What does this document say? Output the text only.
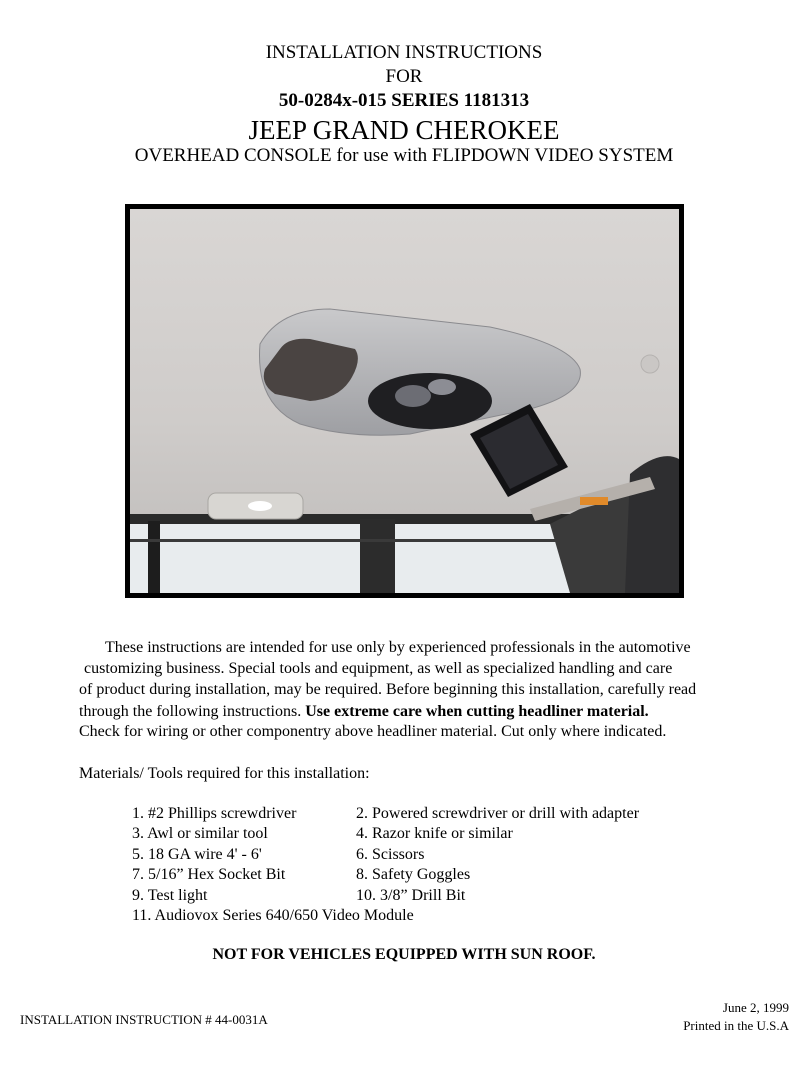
INSTALLATION INSTRUCTIONS
FOR
50-0284x-015 SERIES 1181313
JEEP GRAND CHEROKEE
OVERHEAD CONSOLE for use with FLIPDOWN VIDEO SYSTEM
These instructions are intended for use only by experienced professionals in the automotive
customizing business. Special tools and equipment, as well as specialized handling and care
of product during installation, may be required. Before beginning this installation, carefully read
through the following instructions. Use extreme care when cutting headliner material.
Check for wiring or other componentry above headliner material. Cut only where indicated.
Materials/ Tools required for this installation:
1. #2 Phillips screwdriver	2. Powered screwdriver or drill with adapter
3. Awl or similar tool	4. Razor knife or similar
5. 18 GA wire 4' - 6'	6. Scissors
7. 5/16” Hex Socket Bit	8. Safety Goggles
9. Test light	10. 3/8” Drill Bit
11. Audiovox Series 640/650 Video Module
NOT FOR VEHICLES EQUIPPED WITH SUN ROOF.
INSTALLATION INSTRUCTION # 44-0031A
June 2, 1999
Printed in the U.S.A
